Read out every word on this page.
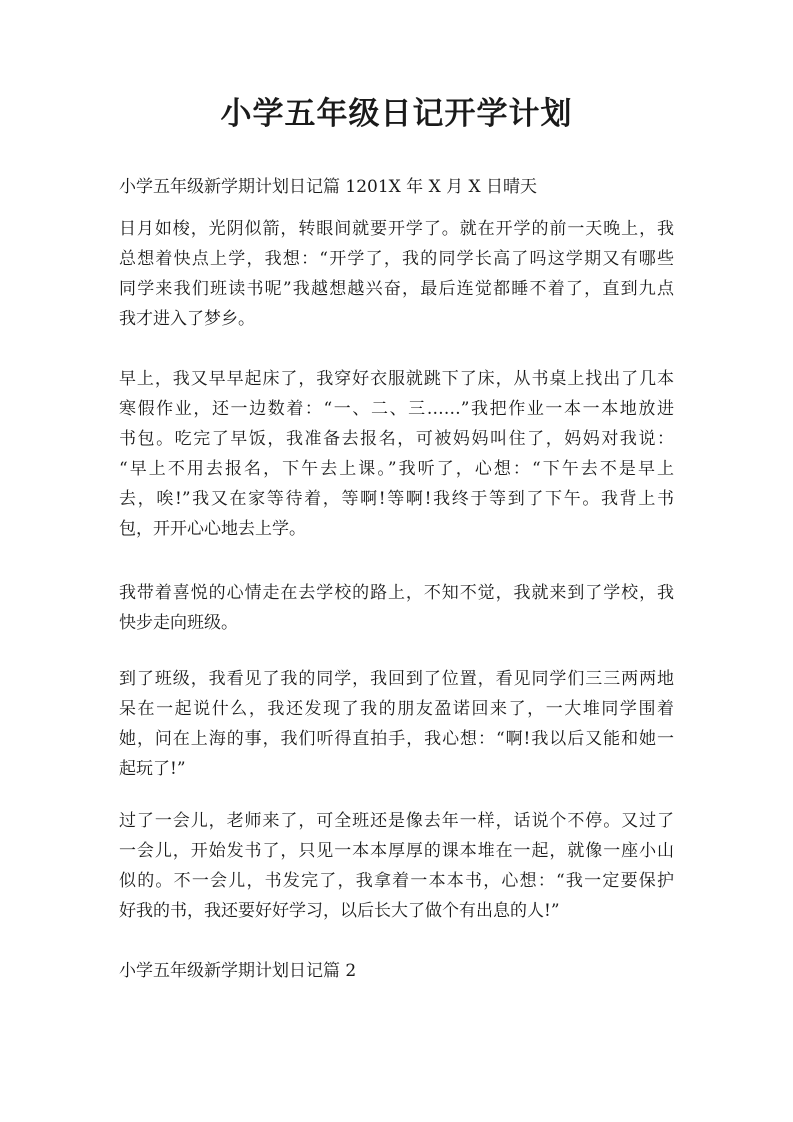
小学五年级日记开学计划
小学五年级新学期计划日记篇 1201X 年 X 月 X 日晴天
日月如梭，光阴似箭，转眼间就要开学了。就在开学的前一天晚上，我
总想着快点上学，我想：“开学了，我的同学长高了吗这学期又有哪些
同学来我们班读书呢”我越想越兴奋，最后连觉都睡不着了，直到九点
我才进入了梦乡。
早上，我又早早起床了，我穿好衣服就跳下了床，从书桌上找出了几本
寒假作业，还一边数着：“一、二、三……”我把作业一本一本地放进
书包。吃完了早饭，我准备去报名，可被妈妈叫住了，妈妈对我说：
“早上不用去报名，下午去上课。”我听了，心想：“下午去不是早上
去，唉!”我又在家等待着，等啊!等啊!我终于等到了下午。我背上书
包，开开心心地去上学。
我带着喜悦的心情走在去学校的路上，不知不觉，我就来到了学校，我
快步走向班级。
到了班级，我看见了我的同学，我回到了位置，看见同学们三三两两地
呆在一起说什么，我还发现了我的朋友盈诺回来了，一大堆同学围着
她，问在上海的事，我们听得直拍手，我心想：“啊!我以后又能和她一
起玩了!”
过了一会儿，老师来了，可全班还是像去年一样，话说个不停。又过了
一会儿，开始发书了，只见一本本厚厚的课本堆在一起，就像一座小山
似的。不一会儿，书发完了，我拿着一本本书，心想：“我一定要保护
好我的书，我还要好好学习，以后长大了做个有出息的人!”
小学五年级新学期计划日记篇 2
